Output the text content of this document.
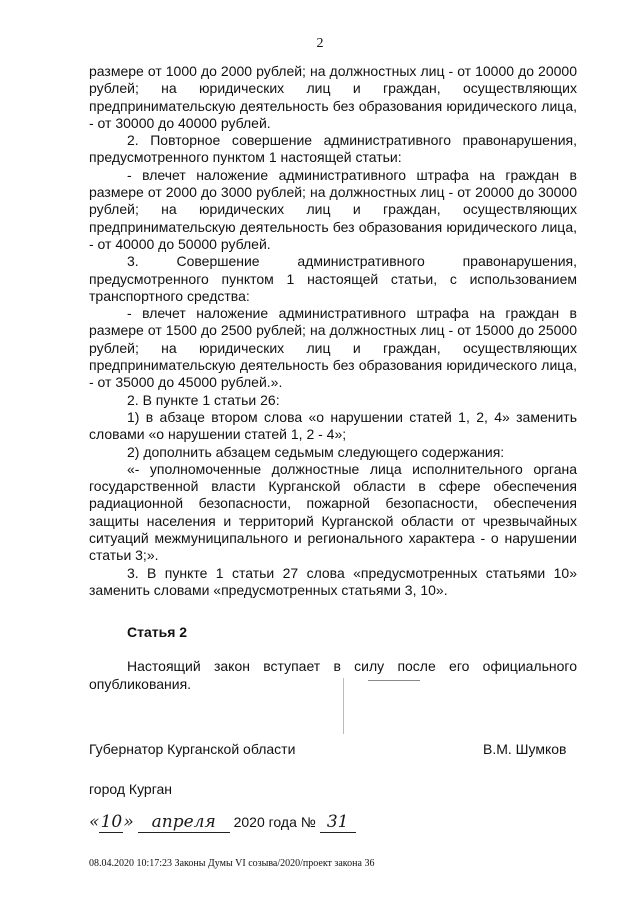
2

размере от 1000 до 2000 рублей; на должностных лиц - от 10000 до 20000 рублей; на юридических лиц и граждан, осуществляющих предпринимательскую деятельность без образования юридического лица, - от 30000 до 40000 рублей.

2. Повторное совершение административного правонарушения, предусмотренного пунктом 1 настоящей статьи:

- влечет наложение административного штрафа на граждан в размере от 2000 до 3000 рублей; на должностных лиц - от 20000 до 30000 рублей; на юридических лиц и граждан, осуществляющих предпринимательскую деятельность без образования юридического лица, - от 40000 до 50000 рублей.

3. Совершение административного правонарушения, предусмотренного пунктом 1 настоящей статьи, с использованием транспортного средства:

- влечет наложение административного штрафа на граждан в размере от 1500 до 2500 рублей; на должностных лиц - от 15000 до 25000 рублей; на юридических лиц и граждан, осуществляющих предпринимательскую деятельность без образования юридического лица, - от 35000 до 45000 рублей.».

2. В пункте 1 статьи 26:

1) в абзаце втором слова «о нарушении статей 1, 2, 4» заменить словами «о нарушении статей 1, 2 - 4»;

2) дополнить абзацем седьмым следующего содержания:

«- уполномоченные должностные лица исполнительного органа государственной власти Курганской области в сфере обеспечения радиационной безопасности, пожарной безопасности, обеспечения защиты населения и территорий Курганской области от чрезвычайных ситуаций межмуниципального и регионального характера - о нарушении статьи 3;».

3. В пункте 1 статьи 27 слова «предусмотренных статьями 10» заменить словами «предусмотренных статьями 3, 10».

Статья 2

Настоящий закон вступает в силу после его официального опубликования.

Губернатор Курганской области	В.М. Шумков
город Курган
«10» апреля 2020 года № 31
08.04.2020 10:17:23 Законы Думы VI созыва/2020/проект закона 36
